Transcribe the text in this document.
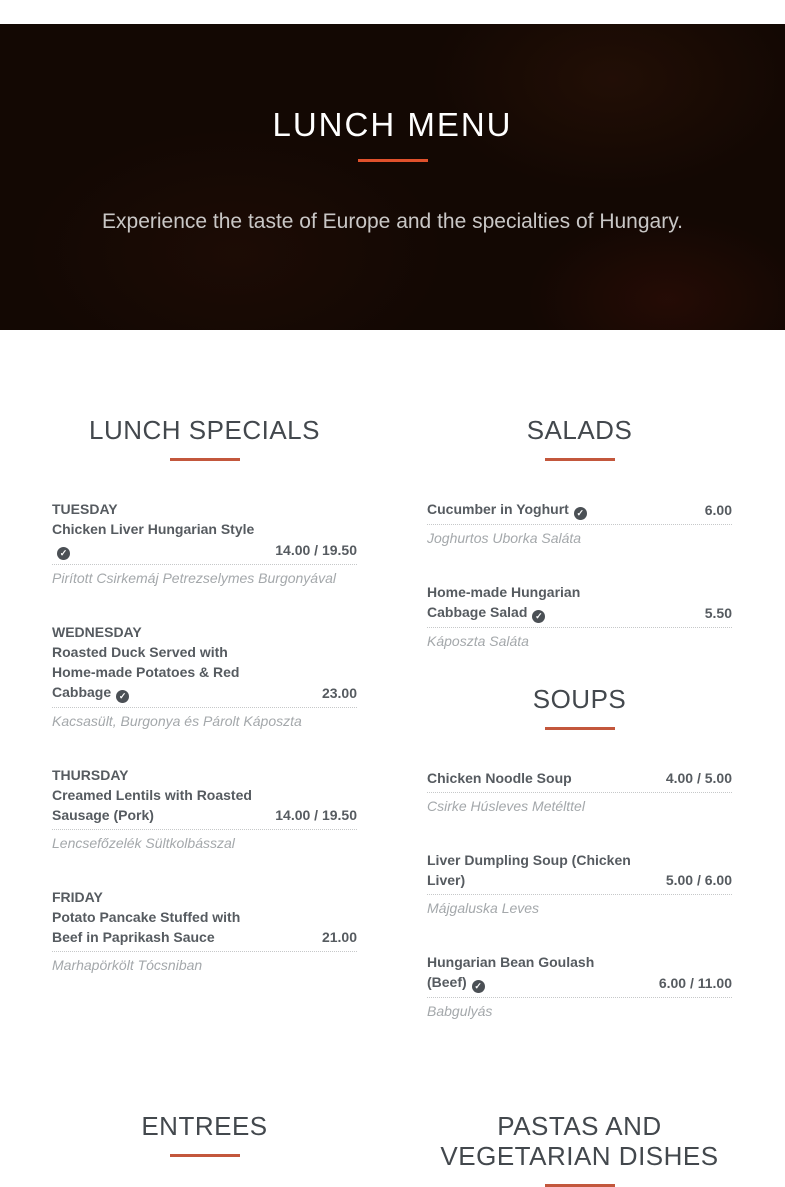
LUNCH MENU

Experience the taste of Europe and the specialties of Hungary.

LUNCH SPECIALS
TUESDAY
Chicken Liver Hungarian Style✓	14.00 / 19.50
Pirított Csirkemáj Petrezselymes Burgonyával
WEDNESDAY
Roasted Duck Served with Home-made Potatoes & Red Cabbage ✓	23.00
Kacsasült, Burgonya és Párolt Káposzta
THURSDAY
Creamed Lentils with Roasted Sausage (Pork)	14.00 / 19.50
Lencsefőzelék Sültkolbásszal
FRIDAY
Potato Pancake Stuffed with Beef in Paprikash Sauce	21.00
Marhapörkölt Tócsniban
SALADS
Cucumber in Yoghurt ✓	6.00
Joghurtos Uborka Saláta
Home-made Hungarian Cabbage Salad ✓	5.50
Káposzta Saláta
SOUPS
Chicken Noodle Soup	4.00 / 5.00
Csirke Húsleves Metélttel
Liver Dumpling Soup (Chicken Liver)	5.00 / 6.00
Májgaluska Leves
Hungarian Bean Goulash (Beef) ✓	6.00 / 11.00
Babgulyás
ENTREES	PASTAS AND VEGETARIAN DISHES
